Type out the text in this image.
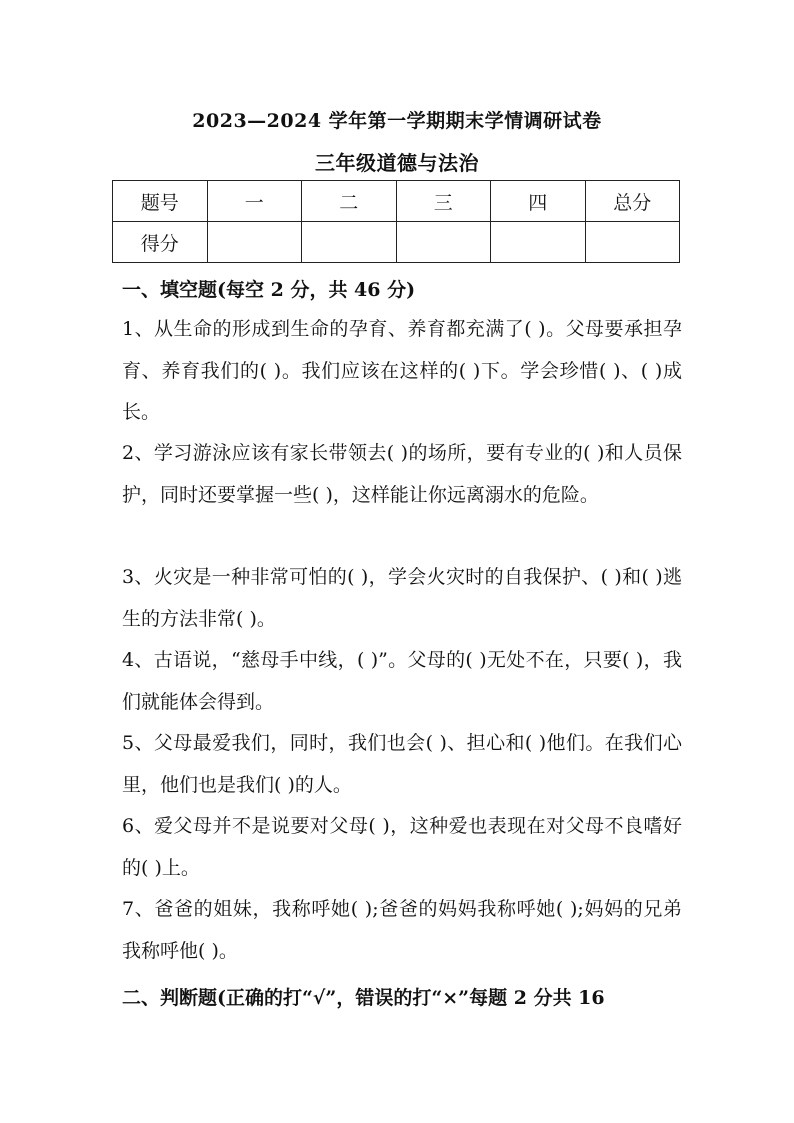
2023—2024 学年第一学期期末学情调研试卷
三年级道德与法治
题号	一	二	三	四	总分
得分					
一、填空题(每空 2 分，共 46 分)
1、从生命的形成到生命的孕育、养育都充满了( )。父母要承担孕育、养育我们的( )。我们应该在这样的( )下。学会珍惜( )、( )成长。
2、学习游泳应该有家长带领去( )的场所，要有专业的( )和人员保护，同时还要掌握一些( )，这样能让你远离溺水的危险。
3、火灾是一种非常可怕的( )，学会火灾时的自我保护、( )和( )逃生的方法非常( )。
4、古语说，“慈母手中线，( )”。父母的( )无处不在，只要( )，我们就能体会得到。
5、父母最爱我们，同时，我们也会( )、担心和( )他们。在我们心里，他们也是我们( )的人。
6、爱父母并不是说要对父母( )，这种爱也表现在对父母不良嗜好的( )上。
7、爸爸的姐妹，我称呼她( );爸爸的妈妈我称呼她( );妈妈的兄弟我称呼他( )。
二、判断题(正确的打“√”，错误的打“×”每题 2 分共 16
